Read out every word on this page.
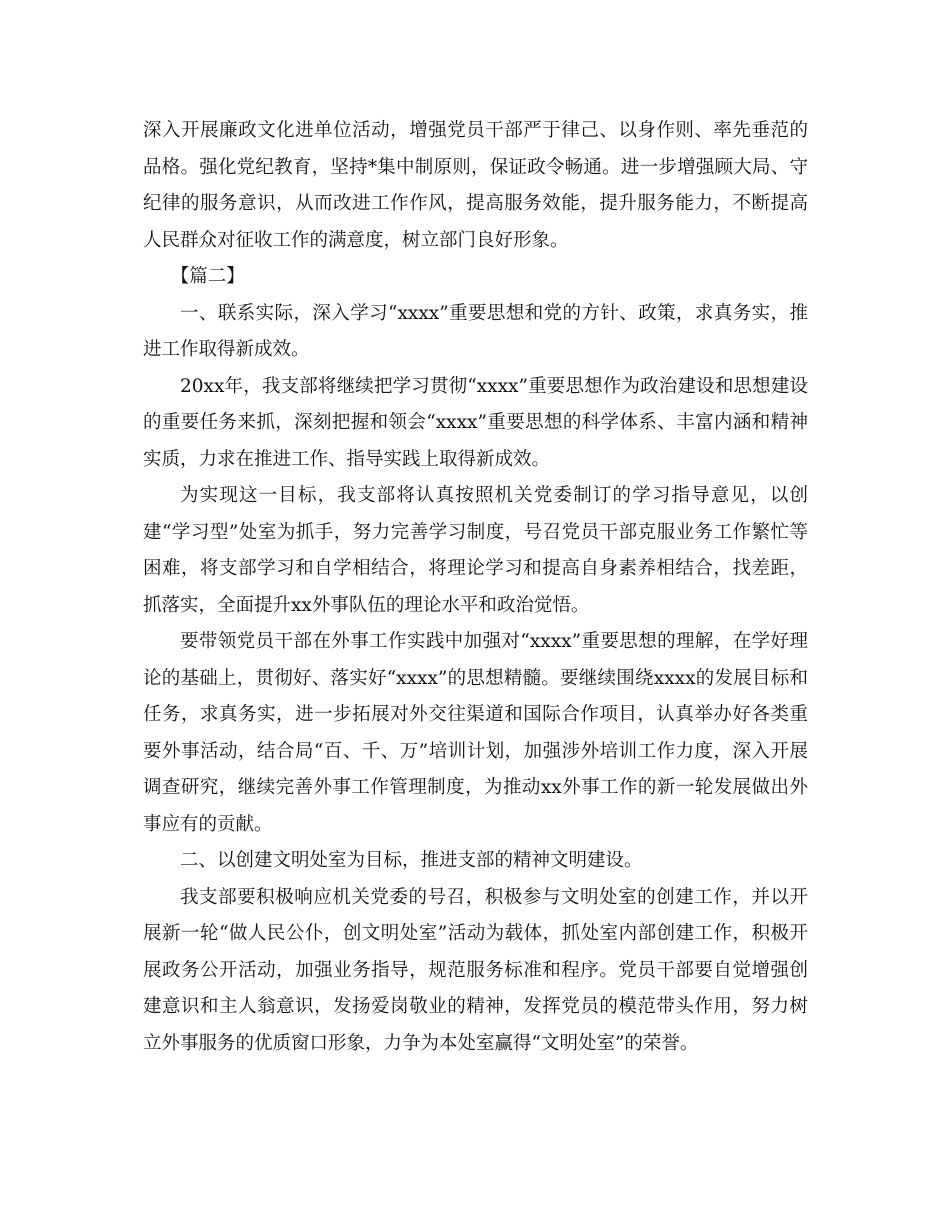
深入开展廉政文化进单位活动，增强党员干部严于律己、以身作则、率先垂范的品格。强化党纪教育，坚持*集中制原则，保证政令畅通。进一步增强顾大局、守纪律的服务意识，从而改进工作作风，提高服务效能，提升服务能力，不断提高人民群众对征收工作的满意度，树立部门良好形象。

【篇二】

一、联系实际，深入学习“xxxx”重要思想和党的方针、政策，求真务实，推进工作取得新成效。

20xx年，我支部将继续把学习贯彻“xxxx”重要思想作为政治建设和思想建设的重要任务来抓，深刻把握和领会“xxxx”重要思想的科学体系、丰富内涵和精神实质，力求在推进工作、指导实践上取得新成效。

为实现这一目标，我支部将认真按照机关党委制订的学习指导意见，以创建“学习型”处室为抓手，努力完善学习制度，号召党员干部克服业务工作繁忙等困难，将支部学习和自学相结合，将理论学习和提高自身素养相结合，找差距，抓落实，全面提升xx外事队伍的理论水平和政治觉悟。

要带领党员干部在外事工作实践中加强对“xxxx”重要思想的理解，在学好理论的基础上，贯彻好、落实好“xxxx”的思想精髓。要继续围绕xxxx的发展目标和任务，求真务实，进一步拓展对外交往渠道和国际合作项目，认真举办好各类重要外事活动，结合局“百、千、万”培训计划，加强涉外培训工作力度，深入开展调查研究，继续完善外事工作管理制度，为推动xx外事工作的新一轮发展做出外事应有的贡献。

二、以创建文明处室为目标，推进支部的精神文明建设。

我支部要积极响应机关党委的号召，积极参与文明处室的创建工作，并以开展新一轮“做人民公仆，创文明处室”活动为载体，抓处室内部创建工作，积极开展政务公开活动，加强业务指导，规范服务标准和程序。党员干部要自觉增强创建意识和主人翁意识，发扬爱岗敬业的精神，发挥党员的模范带头作用，努力树立外事服务的优质窗口形象，力争为本处室赢得“文明处室”的荣誉。
